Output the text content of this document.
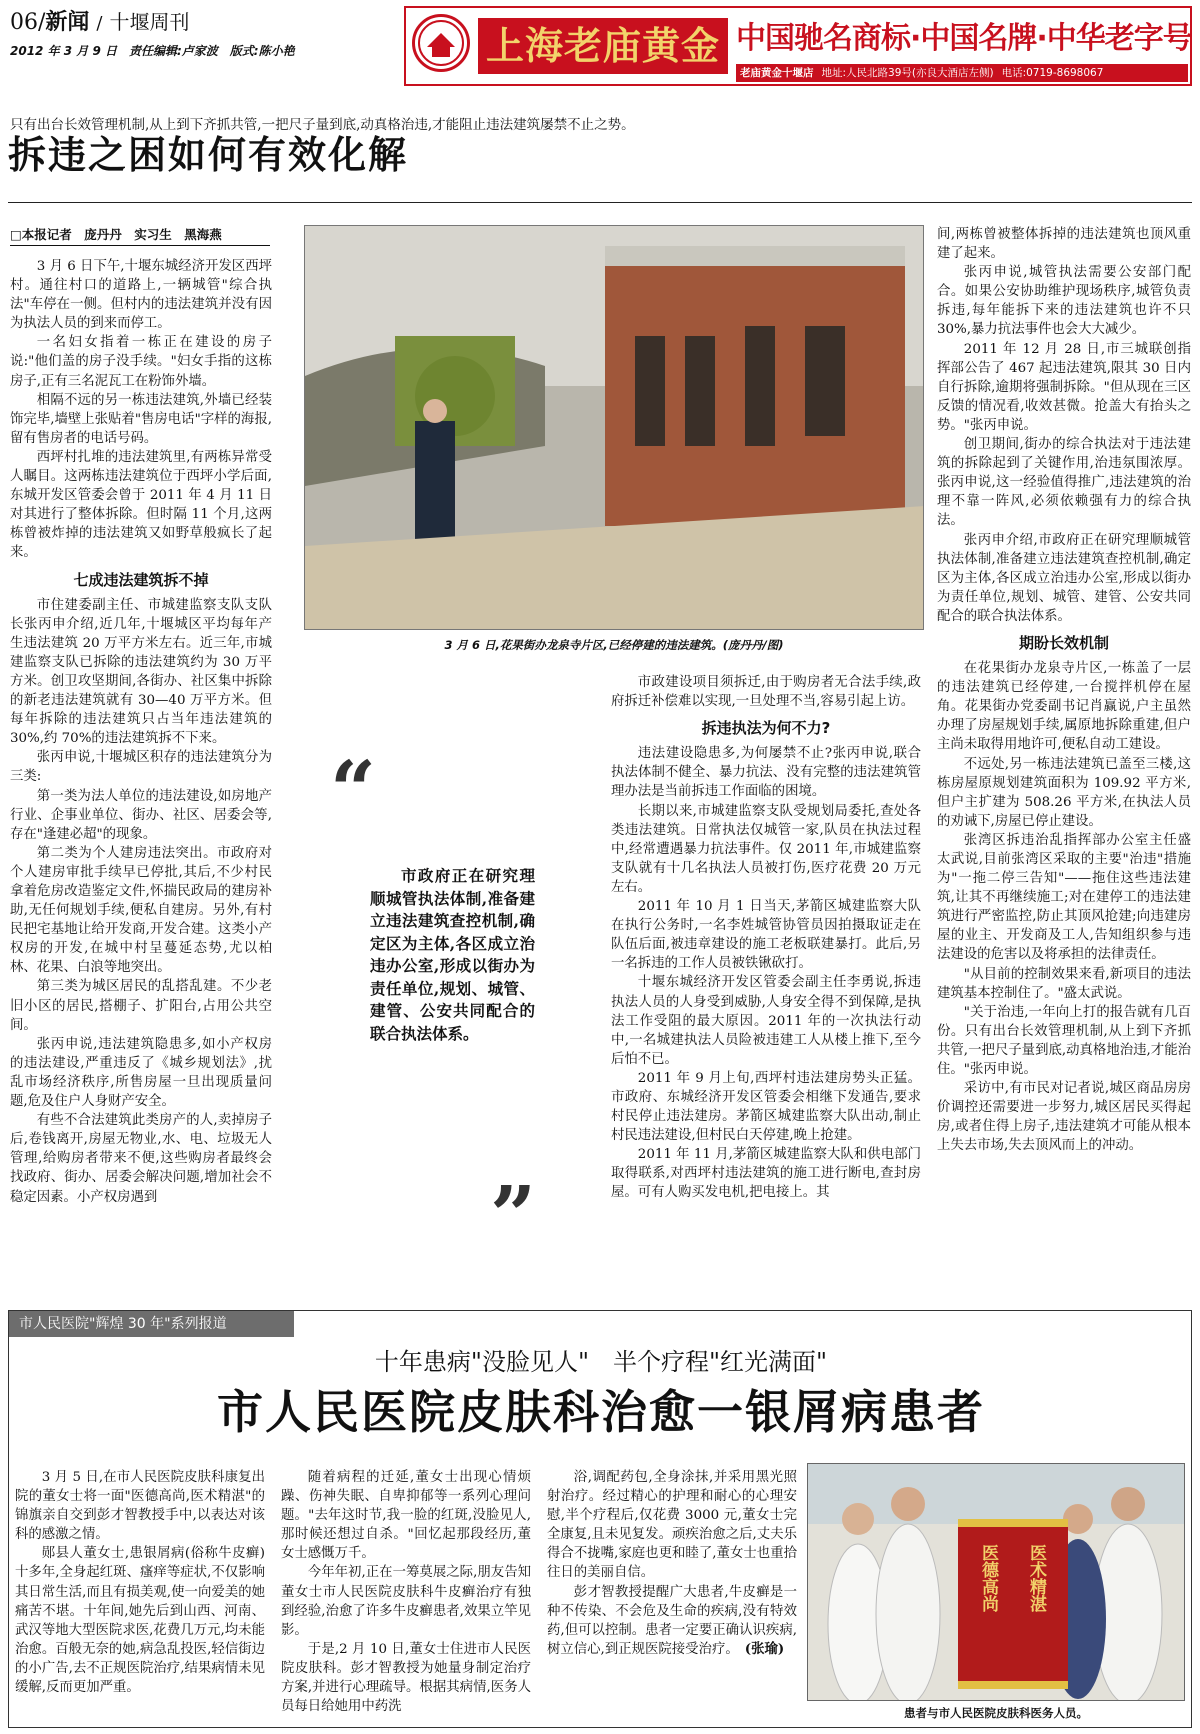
06/新闻 / 十堰周刊
2012 年 3 月 9 日　责任编辑:卢家波　版式:陈小艳	上海老庙黄金 中国驰名商标·中国名牌·中华老字号
老庙黄金十堰店 地址:人民北路39号(亦良大酒店左侧) 电话:0719-8698067
只有出台长效管理机制,从上到下齐抓共管,一把尺子量到底,动真格治违,才能阻止违法建筑屡禁不止之势。
拆违之困如何有效化解
□本报记者　庞丹丹　实习生　黑海燕

3 月 6 日下午,十堰东城经济开发区西坪村。通往村口的道路上,一辆城管"综合执法"车停在一侧。但村内的违法建筑并没有因为执法人员的到来而停工。

一名妇女指着一栋正在建设的房子说:"他们盖的房子没手续。"妇女手指的这栋房子,正有三名泥瓦工在粉饰外墙。

相隔不远的另一栋违法建筑,外墙已经装饰完毕,墙壁上张贴着"售房电话"字样的海报,留有售房者的电话号码。

西坪村扎堆的违法建筑里,有两栋异常受人瞩目。这两栋违法建筑位于西坪小学后面,东城开发区管委会曾于 2011 年 4 月 11 日对其进行了整体拆除。但时隔 11 个月,这两栋曾被炸掉的违法建筑又如野草般疯长了起来。

七成违法建筑拆不掉

市住建委副主任、市城建监察支队支队长张丙申介绍,近几年,十堰城区平均每年产生违法建筑 20 万平方米左右。近三年,市城建监察支队已拆除的违法建筑约为 30 万平方米。创卫攻坚期间,各街办、社区集中拆除的新老违法建筑就有 30—40 万平方米。但每年拆除的违法建筑只占当年违法建筑的 30%,约 70%的违法建筑拆不下来。

张丙申说,十堰城区积存的违法建筑分为三类:

第一类为法人单位的违法建设,如房地产行业、企事业单位、街办、社区、居委会等,存在"逢建必超"的现象。

第二类为个人建房违法突出。市政府对个人建房审批手续早已停批,其后,不少村民拿着危房改造鉴定文件,怀揣民政局的建房补助,无任何规划手续,便私自建房。另外,有村民把宅基地让给开发商,开发合建。这类小产权房的开发,在城中村呈蔓延态势,尤以柏林、花果、白浪等地突出。

第三类为城区居民的乱搭乱建。不少老旧小区的居民,搭棚子、扩阳台,占用公共空间。

张丙申说,违法建筑隐患多,如小产权房的违法建设,严重违反了《城乡规划法》,扰乱市场经济秩序,所售房屋一旦出现质量问题,危及住户人身财产安全。

有些不合法建筑此类房产的人,卖掉房子后,卷钱离开,房屋无物业,水、电、垃圾无人管理,给购房者带来不便,这些购房者最终会找政府、街办、居委会解决问题,增加社会不稳定因素。小产权房遇到

3 月 6 日,花果街办龙泉寺片区,已经停建的违法建筑。(庞丹丹/图)
“
市政府正在研究理顺城管执法体制,准备建立违法建筑查控机制,确定区为主体,各区成立治违办公室,形成以街办为责任单位,规划、城管、建管、公安共同配合的联合执法体系。
”

市政建设项目须拆迁,由于购房者无合法手续,政府拆迁补偿难以实现,一旦处理不当,容易引起上访。

拆违执法为何不力?

违法建设隐患多,为何屡禁不止?张丙申说,联合执法体制不健全、暴力抗法、没有完整的违法建筑管理办法是当前拆违工作面临的困境。

长期以来,市城建监察支队受规划局委托,查处各类违法建筑。日常执法仅城管一家,队员在执法过程中,经常遭遇暴力抗法事件。仅 2011 年,市城建监察支队就有十几名执法人员被打伤,医疗花费 20 万元左右。

2011 年 10 月 1 日当天,茅箭区城建监察大队在执行公务时,一名李姓城管协管员因拍摄取证走在队伍后面,被违章建设的施工老板联建暴打。此后,另一名拆违的工作人员被铁锹砍打。

十堰东城经济开发区管委会副主任李勇说,拆违执法人员的人身受到威胁,人身安全得不到保障,是执法工作受阻的最大原因。2011 年的一次执法行动中,一名城建执法人员险被违建工人从楼上推下,至今后怕不已。

2011 年 9 月上旬,西坪村违法建房势头正猛。市政府、东城经济开发区管委会相继下发通告,要求村民停止违法建房。茅箭区城建监察大队出动,制止村民违法建设,但村民白天停建,晚上抢建。

2011 年 11 月,茅箭区城建监察大队和供电部门取得联系,对西坪村违法建筑的施工进行断电,查封房屋。可有人购买发电机,把电接上。其

间,两栋曾被整体拆掉的违法建筑也顶风重建了起来。

张丙申说,城管执法需要公安部门配合。如果公安协助维护现场秩序,城管负责拆违,每年能拆下来的违法建筑也许不只 30%,暴力抗法事件也会大大减少。

2011 年 12 月 28 日,市三城联创指挥部公告了 467 起违法建筑,限其 30 日内自行拆除,逾期将强制拆除。"但从现在三区反馈的情况看,收效甚微。抢盖大有抬头之势。"张丙申说。

创卫期间,街办的综合执法对于违法建筑的拆除起到了关键作用,治违氛围浓厚。张丙申说,这一经验值得推广,违法建筑的治理不靠一阵风,必须依赖强有力的综合执法。

张丙申介绍,市政府正在研究理顺城管执法体制,准备建立违法建筑查控机制,确定区为主体,各区成立治违办公室,形成以街办为责任单位,规划、城管、建管、公安共同配合的联合执法体系。

期盼长效机制

在花果街办龙泉寺片区,一栋盖了一层的违法建筑已经停建,一台搅拌机停在屋角。花果街办党委副书记肖赢说,户主虽然办理了房屋规划手续,属原地拆除重建,但户主尚未取得用地许可,便私自动工建设。

不远处,另一栋违法建筑已盖至三楼,这栋房屋原规划建筑面积为 109.92 平方米,但户主扩建为 508.26 平方米,在执法人员的劝诫下,房屋已停止建设。

张湾区拆违治乱指挥部办公室主任盛太武说,目前张湾区采取的主要"治违"措施为"一拖二停三告知"——拖住这些违法建筑,让其不再继续施工;对在建停工的违法建筑进行严密监控,防止其顶风抢建;向违建房屋的业主、开发商及工人,告知组织参与违法建设的危害以及将承担的法律责任。

"从目前的控制效果来看,新项目的违法建筑基本控制住了。"盛太武说。

"关于治违,一年向上打的报告就有几百份。只有出台长效管理机制,从上到下齐抓共管,一把尺子量到底,动真格地治违,才能治住。"张丙申说。

采访中,有市民对记者说,城区商品房房价调控还需要进一步努力,城区居民买得起房,或者住得上房子,违法建筑才可能从根本上失去市场,失去顶风而上的冲动。

市人民医院"辉煌 30 年"系列报道
十年患病"没脸见人"　半个疗程"红光满面"
市人民医院皮肤科治愈一银屑病患者

3 月 5 日,在市人民医院皮肤科康复出院的董女士将一面"医德高尚,医术精湛"的锦旗亲自交到彭才智教授手中,以表达对该科的感激之情。

郧县人董女士,患银屑病(俗称牛皮癣)十多年,全身起红斑、瘙痒等症状,不仅影响其日常生活,而且有损美观,使一向爱美的她痛苦不堪。十年间,她先后到山西、河南、武汉等地大型医院求医,花费几万元,均未能治愈。百般无奈的她,病急乱投医,轻信街边的小广告,去不正规医院治疗,结果病情未见缓解,反而更加严重。

随着病程的迁延,董女士出现心情烦躁、伤神失眠、自卑抑郁等一系列心理问题。"去年这时节,我一脸的红斑,没脸见人,那时候还想过自杀。"回忆起那段经历,董女士感慨万千。

今年年初,正在一筹莫展之际,朋友告知董女士市人民医院皮肤科牛皮癣治疗有独到经验,治愈了许多牛皮癣患者,效果立竿见影。

于是,2 月 10 日,董女士住进市人民医院皮肤科。彭才智教授为她量身制定治疗方案,并进行心理疏导。根据其病情,医务人员每日给她用中药洗

浴,调配药包,全身涂抹,并采用黑光照射治疗。经过精心的护理和耐心的心理安慰,半个疗程后,仅花费 3000 元,董女士完全康复,且未见复发。顽疾治愈之后,丈夫乐得合不拢嘴,家庭也更和睦了,董女士也重拾往日的美丽自信。

彭才智教授提醒广大患者,牛皮癣是一种不传染、不会危及生命的疾病,没有特效药,但可以控制。患者一定要正确认识疾病,树立信心,到正规医院接受治疗。 (张瑜)

医德高尚 医术精湛
患者与市人民医院皮肤科医务人员。
